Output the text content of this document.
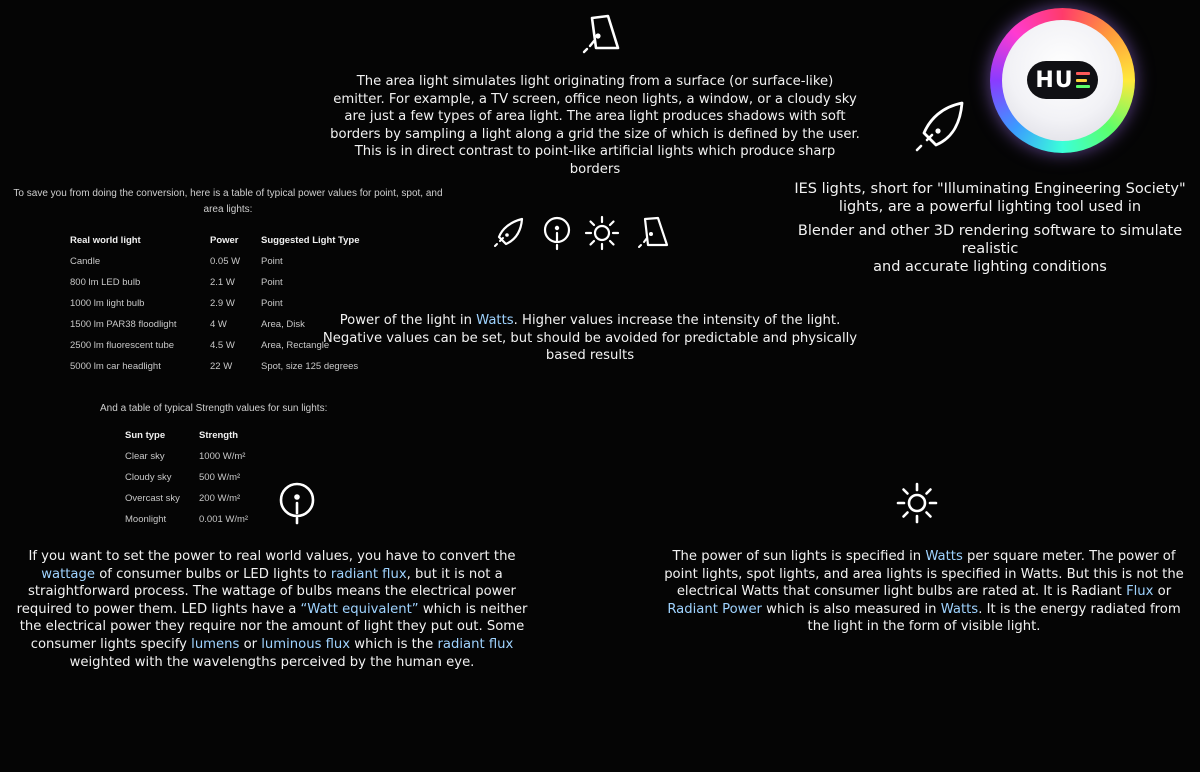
The area light simulates light originating from a surface (or surface-like) emitter. For example, a TV screen, office neon lights, a window, or a cloudy sky are just a few types of area light. The area light produces shadows with soft borders by sampling a light along a grid the size of which is defined by the user. This is in direct contrast to point-like artificial lights which produce sharp borders
HU
IES lights, short for "Illuminating Engineering Society"
lights, are a powerful lighting tool used in
Blender and other 3D rendering software to simulate realistic
and accurate lighting conditions
To save you from doing the conversion, here is a table of typical power values for point, spot, and
area lights:
Real world light	Power Suggested Light Type
Candle	0.05 W Point
800 lm LED bulb	2.1 W	Point
1000 lm light bulb	2.9 W	Point
1500 lm PAR38 floodlight	4 W	Area, Disk
2500 lm fluorescent tube	4.5 W	Area, Rectangle
5000 lm car headlight	22 W	Spot, size 125 degrees
Power of the light in Watts. Higher values increase the intensity of the light. Negative values can be set, but should be avoided for predictable and physically based results
And a table of typical Strength values for sun lights:
Sun type	Strength
Clear sky	1000 W/m²
Cloudy sky	500 W/m²
Overcast sky 200 W/m²
Moonlight	0.001 W/m²
If you want to set the power to real world values, you have to convert the wattage of consumer bulbs or LED lights to radiant flux, but it is not a straightforward process. The wattage of bulbs means the electrical power required to power them. LED lights have a “Watt equivalent” which is neither the electrical power they require nor the amount of light they put out. Some consumer lights specify lumens or luminous flux which is the radiant flux weighted with the wavelengths perceived by the human eye.
The power of sun lights is specified in Watts per square meter. The power of point lights, spot lights, and area lights is specified in Watts. But this is not the electrical Watts that consumer light bulbs are rated at. It is Radiant Flux or Radiant Power which is also measured in Watts. It is the energy radiated from the light in the form of visible light.
